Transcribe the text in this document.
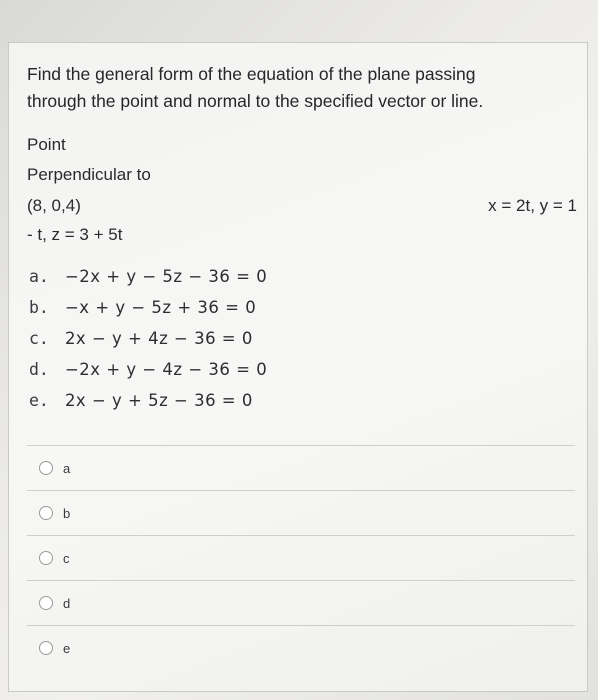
Find the general form of the equation of the plane passing
through the point and normal to the specified vector or line.
Point
Perpendicular to
(8, 0,4)	x = 2t, y = 1
- t, z = 3 + 5t
a. −2x + y − 5z − 36 = 0
b. −x + y − 5z + 36 = 0
c. 2x − y + 4z − 36 = 0
d. −2x + y − 4z − 36 = 0
e. 2x − y + 5z − 36 = 0
a
b
c
d
e
